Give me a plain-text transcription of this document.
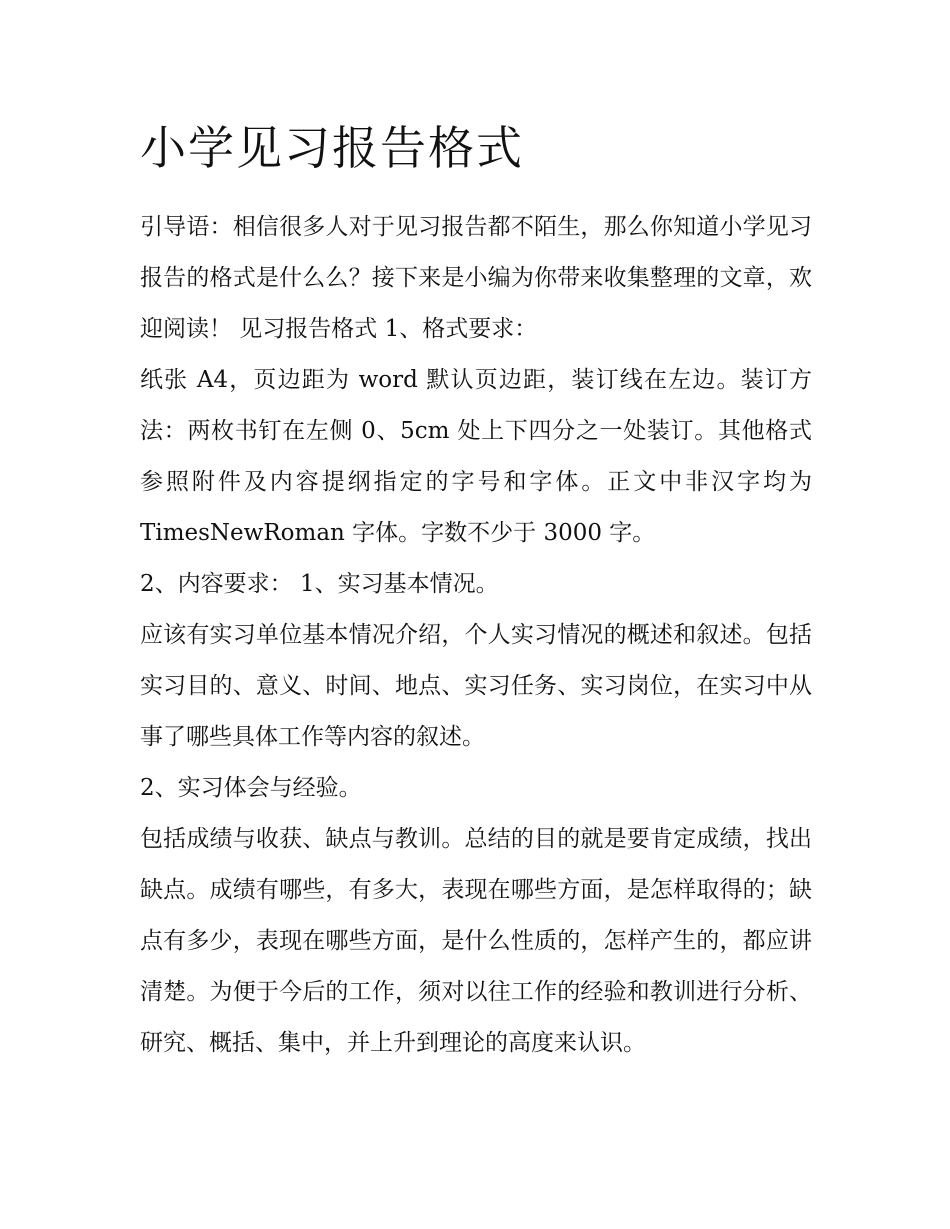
小学见习报告格式

引导语：相信很多人对于见习报告都不陌生，那么你知道小学见习报告的格式是什么么？接下来是小编为你带来收集整理的文章，欢迎阅读！ 见习报告格式 1、格式要求：

纸张 A4，页边距为 word 默认页边距，装订线在左边。装订方法：两枚书钉在左侧 0、5cm 处上下四分之一处装订。其他格式参照附件及内容提纲指定的字号和字体。正文中非汉字均为 TimesNewRoman 字体。字数不少于 3000 字。

2、内容要求： 1、实习基本情况。

应该有实习单位基本情况介绍，个人实习情况的概述和叙述。包括实习目的、意义、时间、地点、实习任务、实习岗位，在实习中从事了哪些具体工作等内容的叙述。

2、实习体会与经验。

包括成绩与收获、缺点与教训。总结的目的就是要肯定成绩，找出缺点。成绩有哪些，有多大，表现在哪些方面，是怎样取得的；缺点有多少，表现在哪些方面，是什么性质的，怎样产生的，都应讲清楚。为便于今后的工作，须对以往工作的经验和教训进行分析、研究、概括、集中，并上升到理论的高度来认识。
